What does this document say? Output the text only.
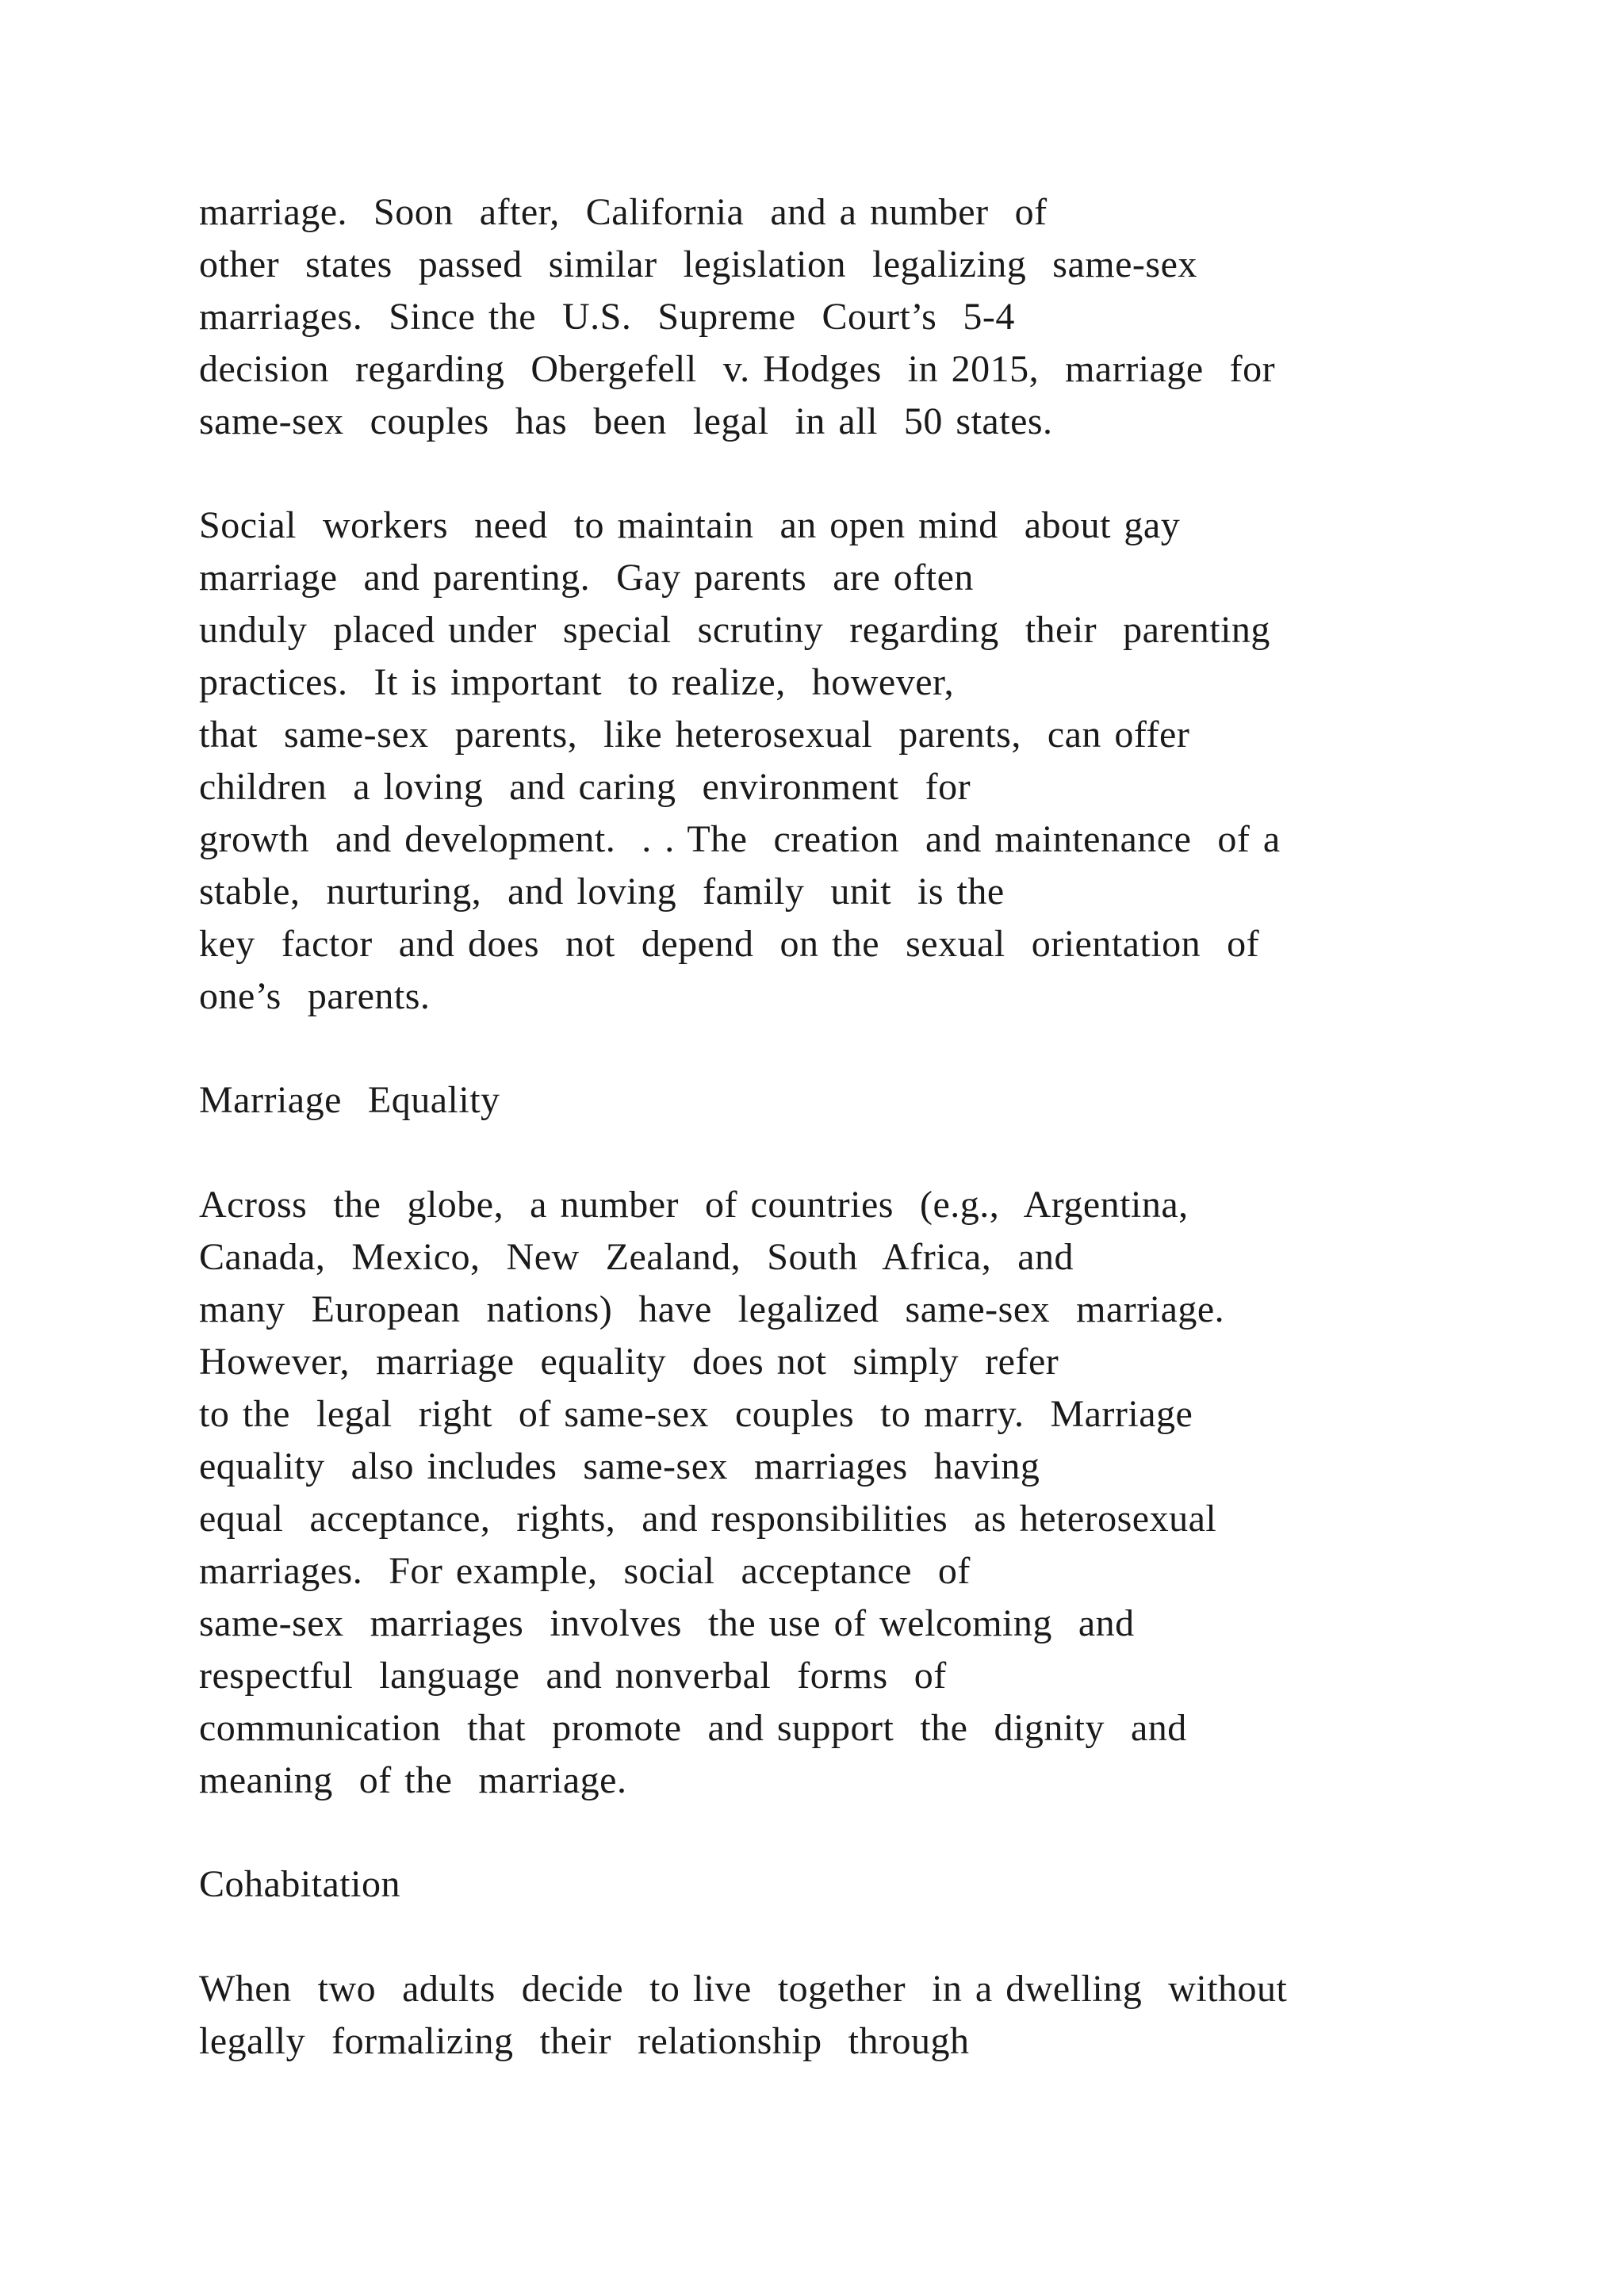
marriage.  Soon  after,  California  and a number  of
other  states  passed  similar  legislation  legalizing  same-sex
marriages.  Since the  U.S.  Supreme  Court’s  5-4
decision  regarding  Obergefell  v. Hodges  in 2015,  marriage  for
same-sex  couples  has  been  legal  in all  50 states.
Social  workers  need  to maintain  an open mind  about gay
marriage  and parenting.  Gay parents  are often
unduly  placed under  special  scrutiny  regarding  their  parenting
practices.  It is important  to realize,  however,
that  same-sex  parents,  like heterosexual  parents,  can offer
children  a loving  and caring  environment  for
growth  and development.  . . The  creation  and maintenance  of a
stable,  nurturing,  and loving  family  unit  is the
key  factor  and does  not  depend  on the  sexual  orientation  of
one’s  parents.
Marriage  Equality
Across  the  globe,  a number  of countries  (e.g.,  Argentina,
Canada,  Mexico,  New  Zealand,  South  Africa,  and
many  European  nations)  have  legalized  same-sex  marriage.
However,  marriage  equality  does not  simply  refer
to the  legal  right  of same-sex  couples  to marry.  Marriage
equality  also includes  same-sex  marriages  having
equal  acceptance,  rights,  and responsibilities  as heterosexual
marriages.  For example,  social  acceptance  of
same-sex  marriages  involves  the use of welcoming  and
respectful  language  and nonverbal  forms  of
communication  that  promote  and support  the  dignity  and
meaning  of the  marriage.
Cohabitation
When  two  adults  decide  to live  together  in a dwelling  without
legally  formalizing  their  relationship  through
